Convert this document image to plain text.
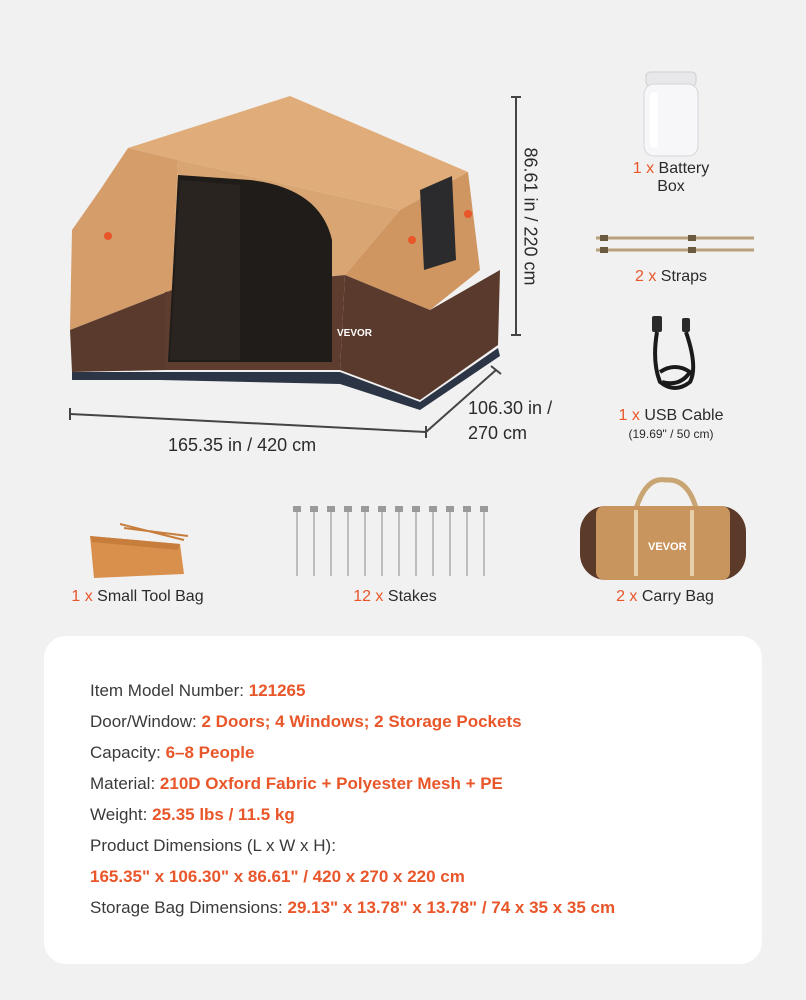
VEVOR
86.61 in / 220 cm
165.35 in / 420 cm
106.30 in /
270 cm
1 x Battery
Box
2 x Straps
1 x USB Cable
(19.69" / 50 cm)
1 x Small Tool Bag	12 x Stakes
VEVOR
2 x Carry Bag
Item Model Number: 121265
Door/Window: 2 Doors; 4 Windows; 2 Storage Pockets
Capacity: 6–8 People
Material: 210D Oxford Fabric + Polyester Mesh + PE
Weight: 25.35 lbs / 11.5 kg
Product Dimensions (L x W x H):
165.35" x 106.30" x 86.61" / 420 x 270 x 220 cm
Storage Bag Dimensions: 29.13" x 13.78" x 13.78" / 74 x 35 x 35 cm
